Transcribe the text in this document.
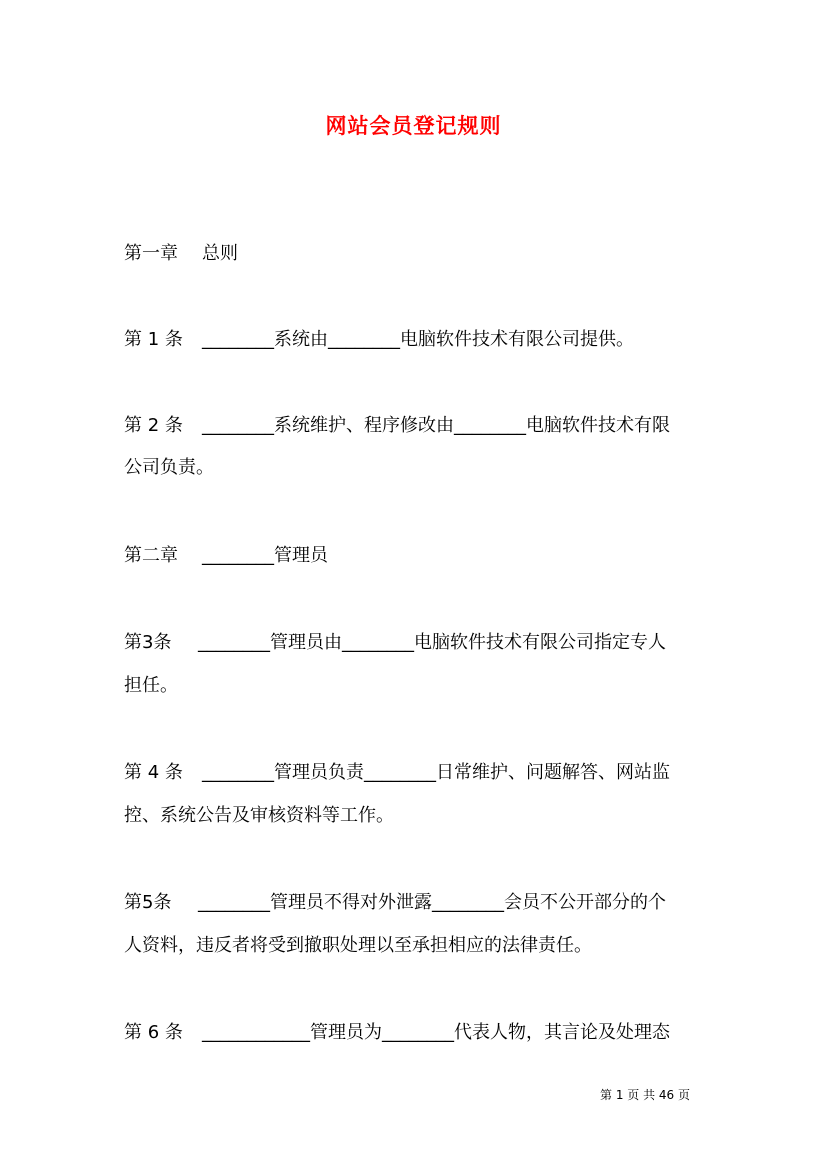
网站会员登记规则

第一章 总则

第 1 条 ________系统由________电脑软件技术有限公司提供。

第 2 条 ________系统维护、程序修改由________电脑软件技术有限

公司负责。

第二章 ________管理员

第3条 ________管理员由________电脑软件技术有限公司指定专人

担任。

第 4 条 ________管理员负责________日常维护、问题解答、网站监

控、系统公告及审核资料等工作。

第5条 ________管理员不得对外泄露________会员不公开部分的个

人资料，违反者将受到撤职处理以至承担相应的法律责任。

第 6 条 ____________管理员为________代表人物，其言论及处理态

第 1 页 共 46 页
